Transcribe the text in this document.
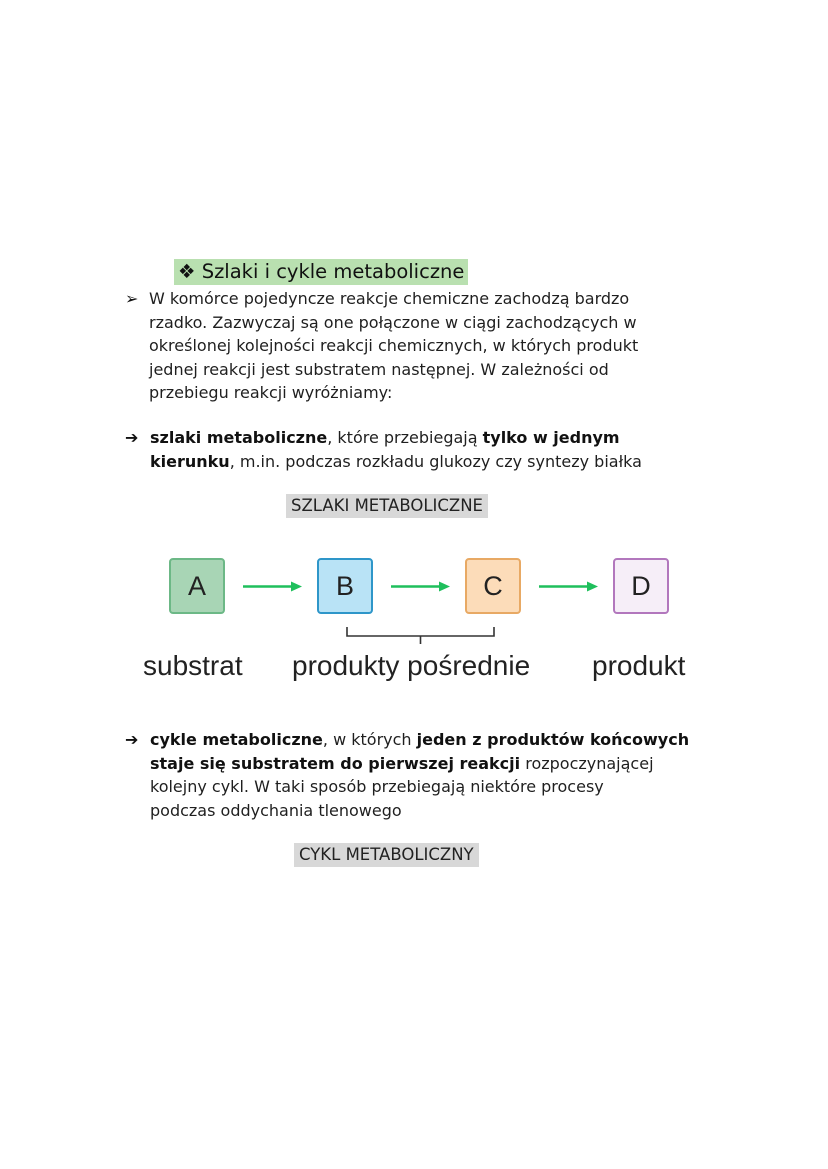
❖ Szlaki i cykle metaboliczne
➢ W komórce pojedyncze reakcje chemiczne zachodzą bardzo
rzadko. Zazwyczaj są one połączone w ciągi zachodzących w
określonej kolejności reakcji chemicznych, w których produkt
jednej reakcji jest substratem następnej. W zależności od
przebiegu reakcji wyróżniamy:
➔ szlaki metaboliczne, które przebiegają tylko w jednym
kierunku, m.in. podczas rozkładu glukozy czy syntezy białka
SZLAKI METABOLICZNE
A	B	C	D
substrat produkty pośrednie produkt
➔ cykle metaboliczne, w których jeden z produktów końcowych
staje się substratem do pierwszej reakcji rozpoczynającej
kolejny cykl. W taki sposób przebiegają niektóre procesy
podczas oddychania tlenowego
CYKL METABOLICZNY
